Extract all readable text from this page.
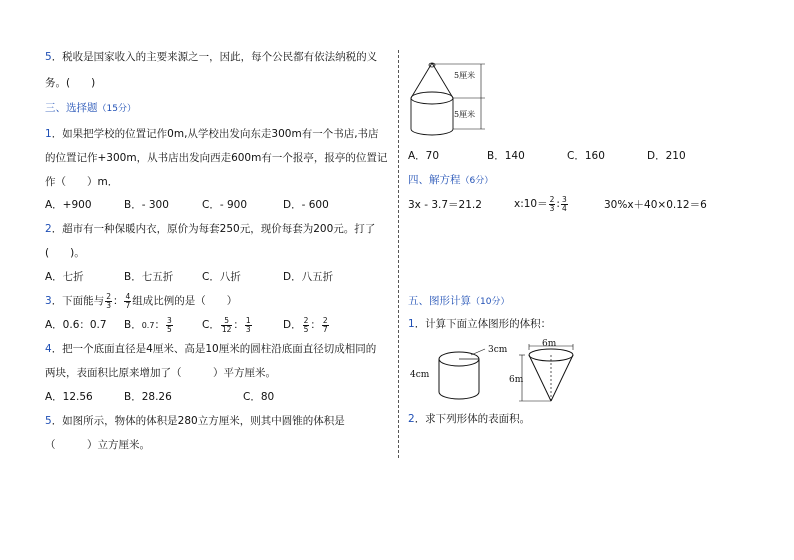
5．税收是国家收入的主要来源之一，因此，每个公民都有依法纳税的义
务。(　　)
三、选择题（15分）
1．如果把学校的位置记作0m,从学校出发向东走300m有一个书店,书店
的位置记作+300m，从书店出发向西走600m有一个报亭，报亭的位置记
作（　　）m．
A．+900	B．- 300	C．- 900	D．- 600
2．超市有一种保暖内衣，原价为每套250元，现价每套为200元。打了
(　　)。
A．七折	B．七五折	C．八折	D．八五折
3．下面能与 $\frac{2}{3}$ ： $\frac{4}{7}$ 组成比例的是（　　）
A．0.6：0.7 B．0.7： $\frac{3}{5}$	C． $\frac{5}{12}$ ： $\frac{1}{3}$	D． $\frac{2}{5}$ ： $\frac{2}{7}$
4．把一个底面直径是4厘米、高是10厘米的圆柱沿底面直径切成相同的
两块，表面积比原来增加了（　　　）平方厘米。
A．12.56	B．28.26	C．80
5．如图所示，物体的体积是280立方厘米，则其中圆锥的体积是
（　　　）立方厘米。
5厘米
5厘米
A．70	B．140	C．160	D．210
四、解方程（6分）
3x - 3.7＝21.2	x:10＝ $\frac{2}{3}$ : $\frac{3}{4}$	30%x＋40×0.12＝6
五、图形计算（10分）
1．计算下面立体图形的体积：
3cm
4cm
6m
6m
2．求下列形体的表面积。
